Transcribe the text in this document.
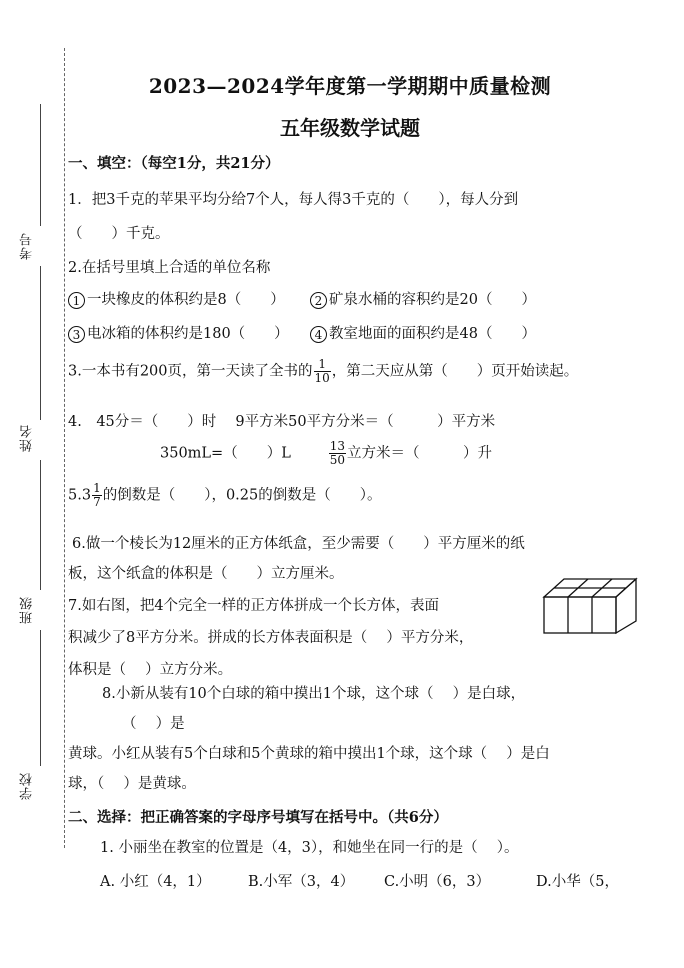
考号
姓名
班级
学校
2023—2024学年度第一学期期中质量检测
五年级数学试题
一、填空：（每空1分，共21分）
1．把3千克的苹果平均分给7个人，每人得3千克的（　　），每人分到
（　　）千克。
2.在括号里填上合适的单位名称
1 一块橡皮的体积约是8（　　）	2 矿泉水桶的容积约是20（　　）
3 电冰箱的体积约是180（　　）	4 教室地面的面积约是48（　　）
3.一本书有200页，第一天读了全书的 $\frac{1}{10}$ ，第二天应从第（　　）页开始读起。
4.　45分＝（　　）时　 9平方米50平方分米＝（　　　）平方米
350mL=（　　）L	$\frac{13}{50}$ 立方米＝（　　　）升
$5.3 \frac{1}{7}$ 的倒数是（　　），0.25的倒数是（　　）。
6.做一个棱长为12厘米的正方体纸盒，至少需要（　　）平方厘米的纸
板，这个纸盒的体积是（　　）立方厘米。
7.如右图，把4个完全一样的正方体拼成一个长方体，表面
积减少了8平方分米。拼成的长方体表面积是（　 ）平方分米，
体积是（　 ）立方分米。
8.小新从装有10个白球的箱中摸出1个球，这个球（　 ）是白球，
（　 ）是
黄球。小红从装有5个白球和5个黄球的箱中摸出1个球，这个球（　 ）是白
球，（　 ）是黄球。
二、选择：把正确答案的字母序号填写在括号中。（共6分）
1. 小丽坐在教室的位置是（4，3），和她坐在同一行的是（　 ）。
A. 小红（4，1）	B.小军（3，4） C.小明（6，3）	D.小华（5，
